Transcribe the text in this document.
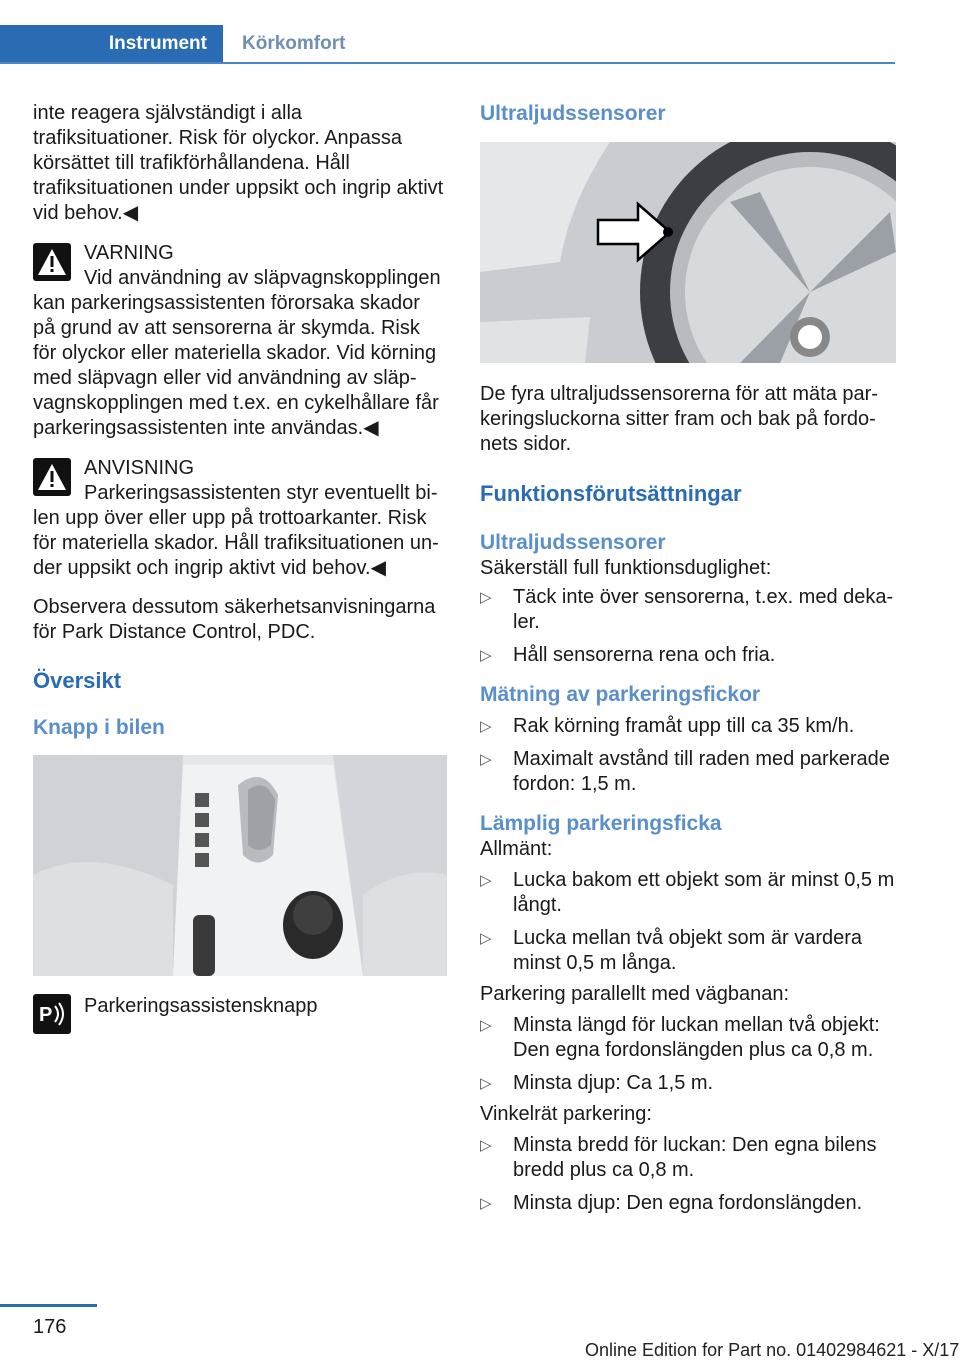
Instrument	Körkomfort

inte reagera självständigt i alla trafiksituationer. Risk för olyckor. Anpassa körsättet till trafikförhållandena. Håll trafiksituationen under uppsikt och ingrip aktivt vid behov.◀

VARNING

Vid användning av släpvagnskopplingen

kan parkeringsassistenten förorsaka skador på grund av att sensorerna är skymda. Risk för olyckor eller materiella skador. Vid körning med släpvagn eller vid användning av släpvagnskopplingen med t.ex. en cykelhållare får parkeringsassistenten inte användas.◀

ANVISNING

Parkeringsassistenten styr eventuellt bi-

len upp över eller upp på trottoarkanter. Risk för materiella skador. Håll trafiksituationen under uppsikt och ingrip aktivt vid behov.◀

Observera dessutom säkerhetsanvisningarna för Park Distance Control, PDC.

Översikt
Knapp i bilen
P	Parkeringsassistensknapp

Ultraljudssensorer

De fyra ultraljudssensorerna för att mäta parkeringsluckorna sitter fram och bak på fordonets sidor.

Funktionsförutsättningar
Ultraljudssensorer

Säkerställ full funktionsduglighet:

▷ Täck inte över sensorerna, t.ex. med dekaler.
▷ Håll sensorerna rena och fria.
Mätning av parkeringsfickor
▷ Rak körning framåt upp till ca 35 km/h.
▷ Maximalt avstånd till raden med parkerade fordon: 1,5 m.
Lämplig parkeringsficka

Allmänt:

▷ Lucka bakom ett objekt som är minst 0,5 m långt.
▷ Lucka mellan två objekt som är vardera minst 0,5 m långa.

Parkering parallellt med vägbanan:

▷ Minsta längd för luckan mellan två objekt: Den egna fordonslängden plus ca 0,8 m.
▷ Minsta djup: Ca 1,5 m.

Vinkelrät parkering:

▷ Minsta bredd för luckan: Den egna bilens bredd plus ca 0,8 m.
▷ Minsta djup: Den egna fordonslängden.
176
Online Edition for Part no. 01402984621 - X/17
